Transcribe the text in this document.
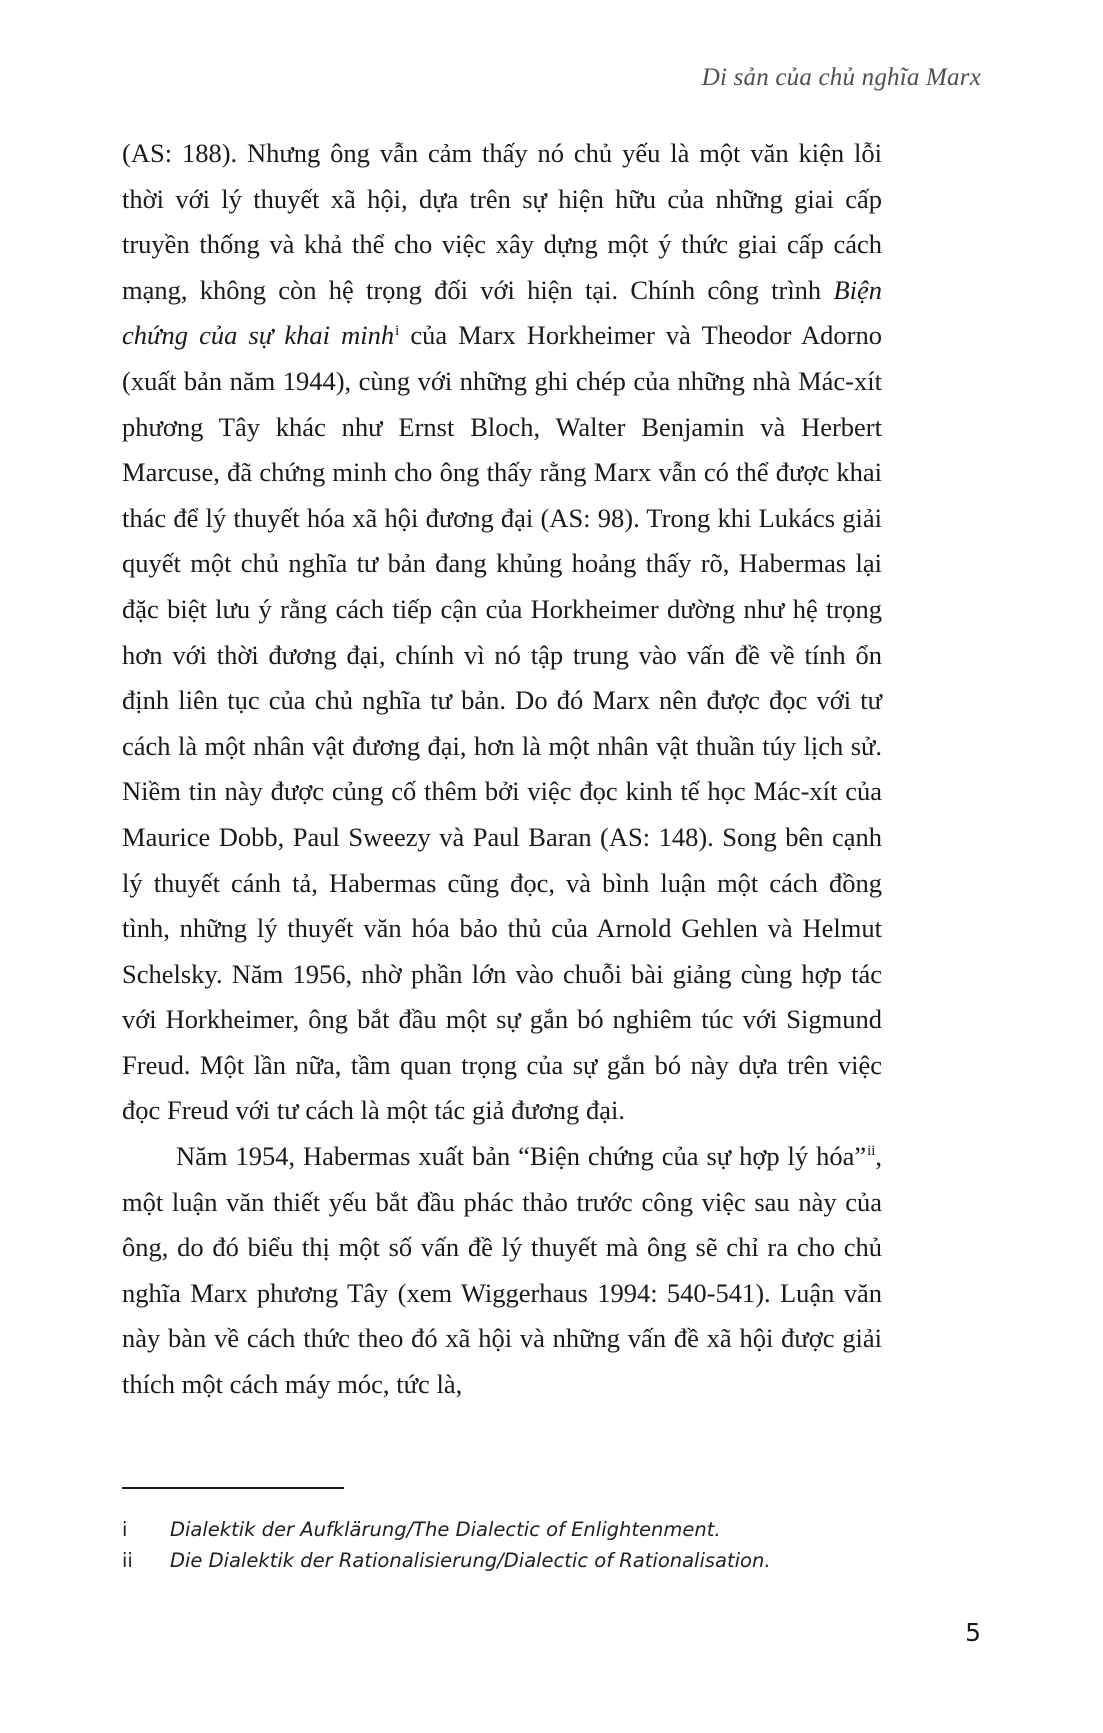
Di sản của chủ nghĩa Marx

(AS: 188). Nhưng ông vẫn cảm thấy nó chủ yếu là một văn kiện lỗi thời với lý thuyết xã hội, dựa trên sự hiện hữu của những giai cấp truyền thống và khả thể cho việc xây dựng một ý thức giai cấp cách mạng, không còn hệ trọng đối với hiện tại. Chính công trình Biện chứng của sự khai minh$^i$ của Marx Horkheimer và Theodor Adorno (xuất bản năm 1944), cùng với những ghi chép của những nhà Mác-xít phương Tây khác như Ernst Bloch, Walter Benjamin và Herbert Marcuse, đã chứng minh cho ông thấy rằng Marx vẫn có thể được khai thác để lý thuyết hóa xã hội đương đại (AS: 98). Trong khi Lukács giải quyết một chủ nghĩa tư bản đang khủng hoảng thấy rõ, Habermas lại đặc biệt lưu ý rằng cách tiếp cận của Horkheimer dường như hệ trọng hơn với thời đương đại, chính vì nó tập trung vào vấn đề về tính ổn định liên tục của chủ nghĩa tư bản. Do đó Marx nên được đọc với tư cách là một nhân vật đương đại, hơn là một nhân vật thuần túy lịch sử. Niềm tin này được củng cố thêm bởi việc đọc kinh tế học Mác-xít của Maurice Dobb, Paul Sweezy và Paul Baran (AS: 148). Song bên cạnh lý thuyết cánh tả, Habermas cũng đọc, và bình luận một cách đồng tình, những lý thuyết văn hóa bảo thủ của Arnold Gehlen và Helmut Schelsky. Năm 1956, nhờ phần lớn vào chuỗi bài giảng cùng hợp tác với Horkheimer, ông bắt đầu một sự gắn bó nghiêm túc với Sigmund Freud. Một lần nữa, tầm quan trọng của sự gắn bó này dựa trên việc đọc Freud với tư cách là một tác giả đương đại.

Năm 1954, Habermas xuất bản “Biện chứng của sự hợp lý hóa”$^{ii}$, một luận văn thiết yếu bắt đầu phác thảo trước công việc sau này của ông, do đó biểu thị một số vấn đề lý thuyết mà ông sẽ chỉ ra cho chủ nghĩa Marx phương Tây (xem Wiggerhaus 1994: 540-541). Luận văn này bàn về cách thức theo đó xã hội và những vấn đề xã hội được giải thích một cách máy móc, tức là,

i	Dialektik der Aufklärung/The Dialectic of Enlightenment.
ii	Die Dialektik der Rationalisierung/Dialectic of Rationalisation.
5
